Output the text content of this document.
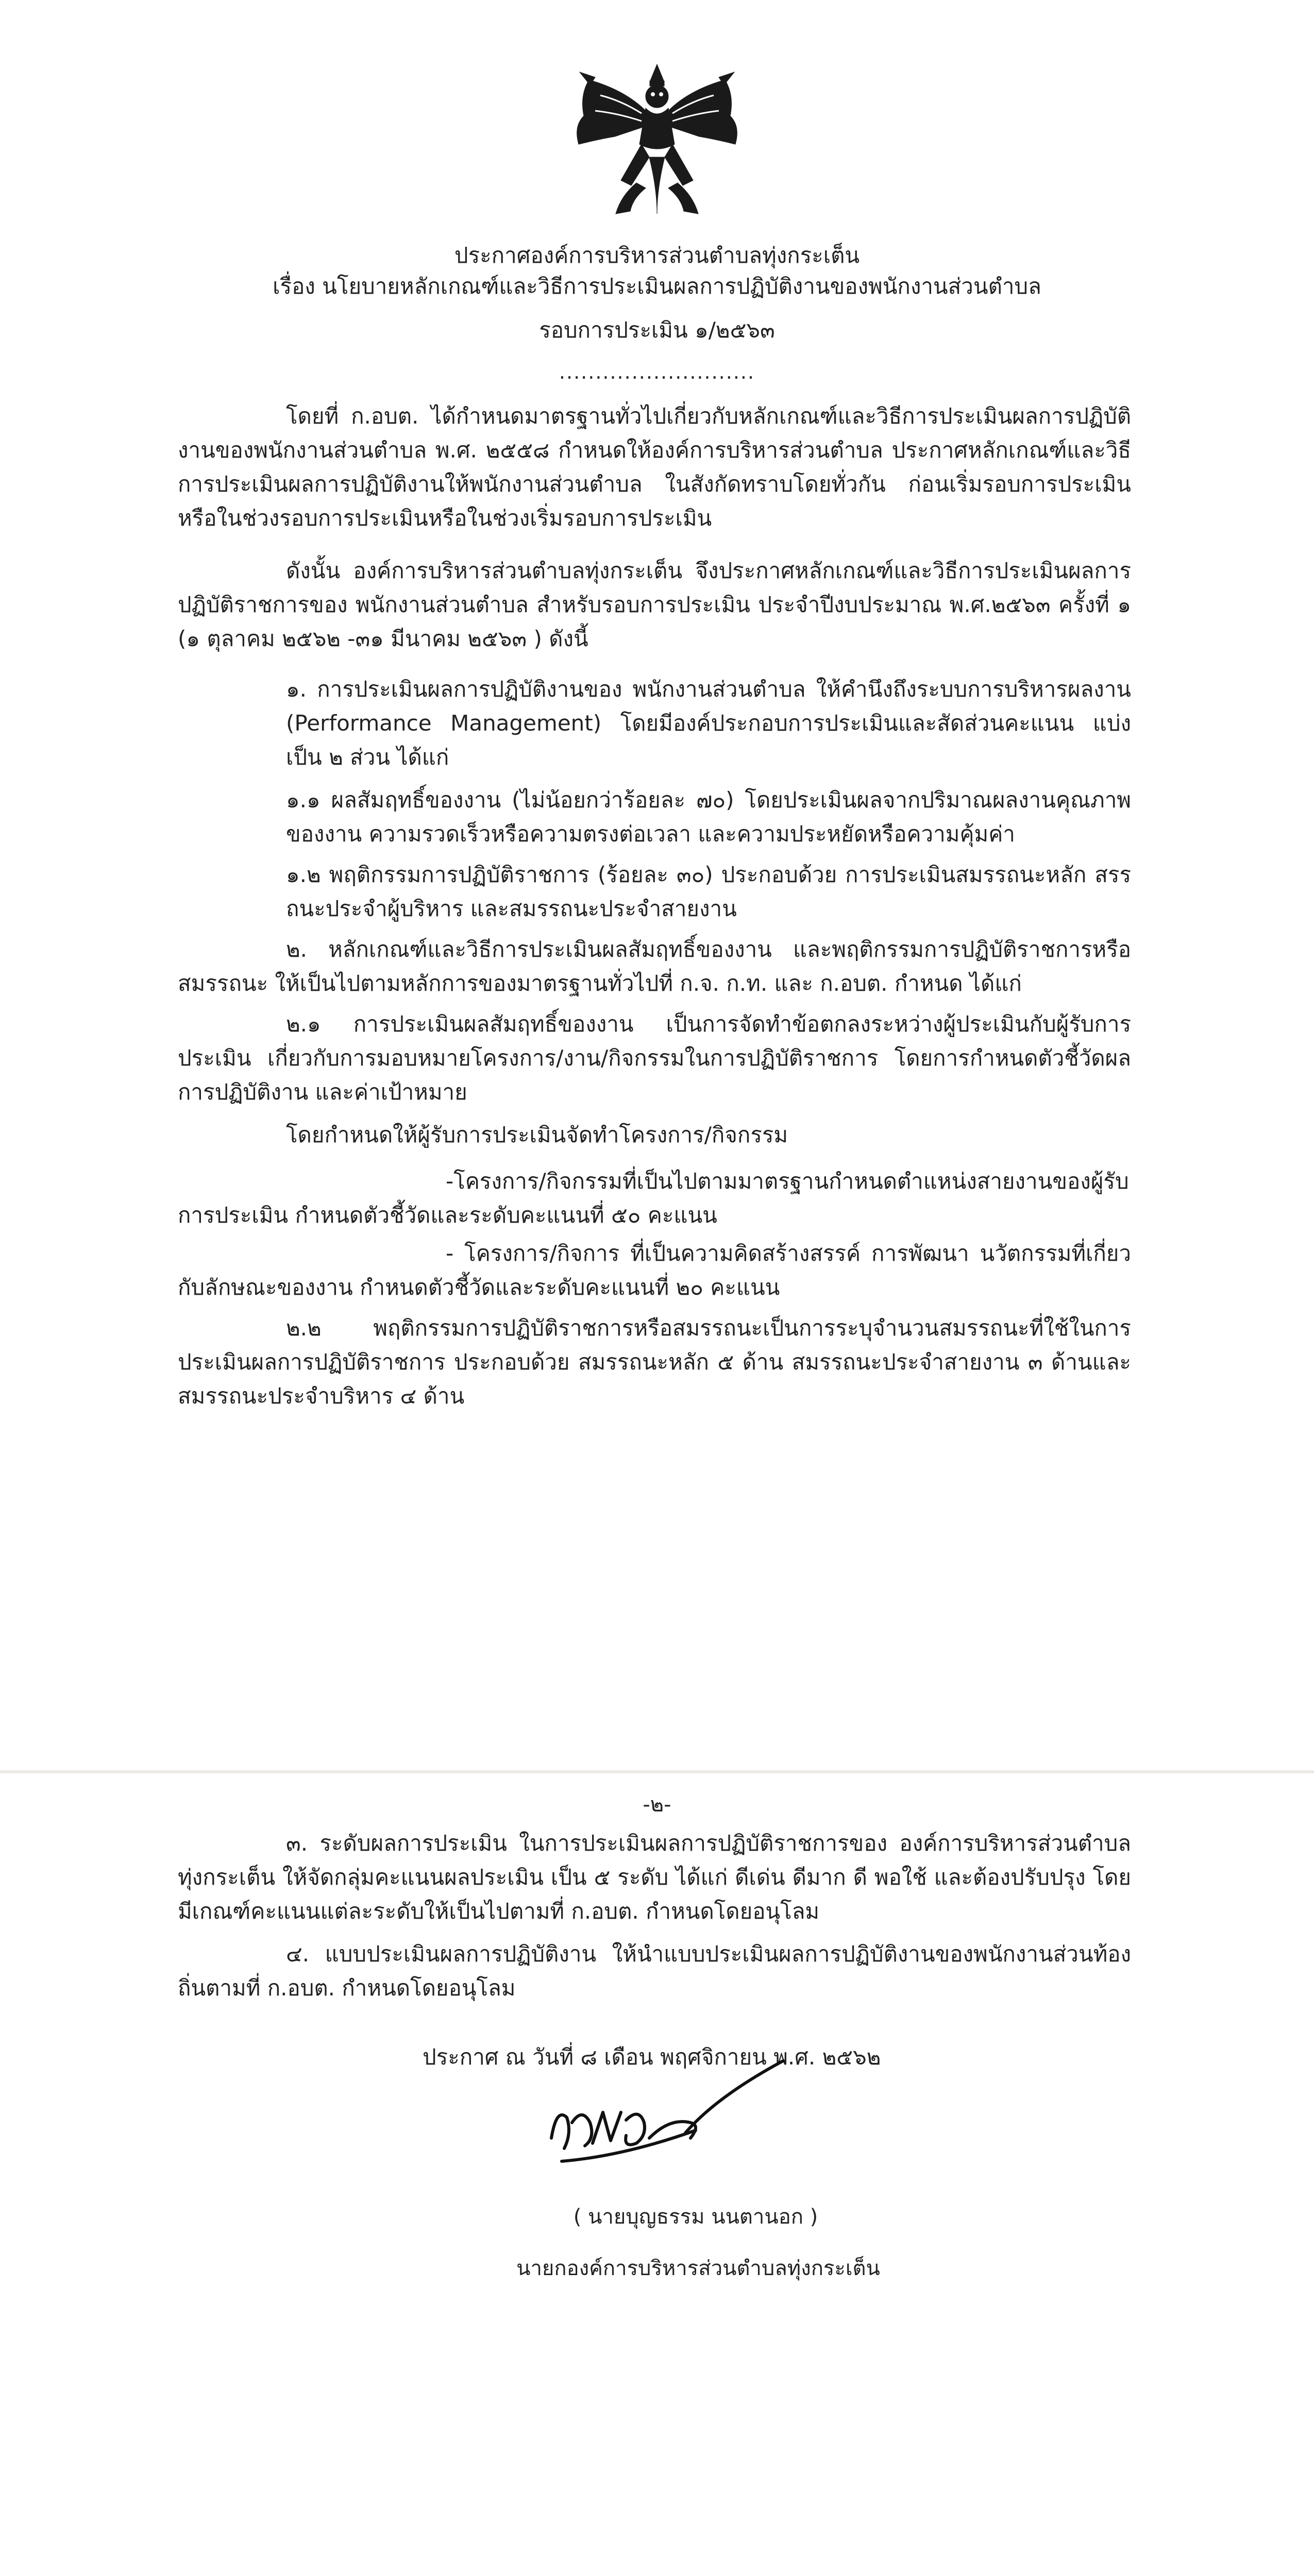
ประกาศองค์การบริหารส่วนตำบลทุ่งกระเต็น
เรื่อง นโยบายหลักเกณฑ์และวิธีการประเมินผลการปฏิบัติงานของพนักงานส่วนตำบล
รอบการประเมิน ๑/๒๕๖๓
...........................

โดยที่ ก.อบต. ได้กำหนดมาตรฐานทั่วไปเกี่ยวกับหลักเกณฑ์และวิธีการประเมินผลการปฏิบัติงานของพนักงานส่วนตำบล พ.ศ. ๒๕๕๘ กำหนดให้องค์การบริหารส่วนตำบล ประกาศหลักเกณฑ์และวิธีการประเมินผลการปฏิบัติงานให้พนักงานส่วนตำบล ในสังกัดทราบโดยทั่วกัน ก่อนเริ่มรอบการประเมินหรือในช่วงรอบการประเมินหรือในช่วงเริ่มรอบการประเมิน

ดังนั้น องค์การบริหารส่วนตำบลทุ่งกระเต็น จึงประกาศหลักเกณฑ์และวิธีการประเมินผลการปฏิบัติราชการของ พนักงานส่วนตำบล สำหรับรอบการประเมิน ประจำปีงบประมาณ พ.ศ.๒๕๖๓ ครั้งที่ ๑ (๑ ตุลาคม ๒๕๖๒ -๓๑ มีนาคม ๒๕๖๓ ) ดังนี้

๑. การประเมินผลการปฏิบัติงานของ พนักงานส่วนตำบล ให้คำนึงถึงระบบการบริหารผลงาน (Performance Management) โดยมีองค์ประกอบการประเมินและสัดส่วนคะแนน แบ่งเป็น ๒ ส่วน ได้แก่

๑.๑ ผลสัมฤทธิ์ของงาน (ไม่น้อยกว่าร้อยละ ๗๐) โดยประเมินผลจากปริมาณผลงานคุณภาพของงาน ความรวดเร็วหรือความตรงต่อเวลา และความประหยัดหรือความคุ้มค่า

๑.๒ พฤติกรรมการปฏิบัติราชการ (ร้อยละ ๓๐) ประกอบด้วย การประเมินสมรรถนะหลัก สรรถนะประจำผู้บริหาร และสมรรถนะประจำสายงาน

๒. หลักเกณฑ์และวิธีการประเมินผลสัมฤทธิ์ของงาน และพฤติกรรมการปฏิบัติราชการหรือสมรรถนะ ให้เป็นไปตามหลักการของมาตรฐานทั่วไปที่ ก.จ. ก.ท. และ ก.อบต. กำหนด ได้แก่

๒.๑ การประเมินผลสัมฤทธิ์ของงาน เป็นการจัดทำข้อตกลงระหว่างผู้ประเมินกับผู้รับการประเมิน เกี่ยวกับการมอบหมายโครงการ/งาน/กิจกรรมในการปฏิบัติราชการ โดยการกำหนดตัวชี้วัดผลการปฏิบัติงาน และค่าเป้าหมาย

โดยกำหนดให้ผู้รับการประเมินจัดทำโครงการ/กิจกรรม

-โครงการ/กิจกรรมที่เป็นไปตามมาตรฐานกำหนดตำแหน่งสายงานของผู้รับการประเมิน กำหนดตัวชี้วัดและระดับคะแนนที่ ๕๐ คะแนน

- โครงการ/กิจการ ที่เป็นความคิดสร้างสรรค์ การพัฒนา นวัตกรรมที่เกี่ยวกับลักษณะของงาน กำหนดตัวชี้วัดและระดับคะแนนที่ ๒๐ คะแนน

๒.๒ พฤติกรรมการปฏิบัติราชการหรือสมรรถนะเป็นการระบุจำนวนสมรรถนะที่ใช้ในการประเมินผลการปฏิบัติราชการ ประกอบด้วย สมรรถนะหลัก ๕ ด้าน สมรรถนะประจำสายงาน ๓ ด้านและสมรรถนะประจำบริหาร ๔ ด้าน

-๒-

๓. ระดับผลการประเมิน ในการประเมินผลการปฏิบัติราชการของ องค์การบริหารส่วนตำบลทุ่งกระเต็น ให้จัดกลุ่มคะแนนผลประเมิน เป็น ๕ ระดับ ได้แก่ ดีเด่น ดีมาก ดี พอใช้ และต้องปรับปรุง โดยมีเกณฑ์คะแนนแต่ละระดับให้เป็นไปตามที่ ก.อบต. กำหนดโดยอนุโลม

๔. แบบประเมินผลการปฏิบัติงาน ให้นำแบบประเมินผลการปฏิบัติงานของพนักงานส่วนท้องถิ่นตามที่ ก.อบต. กำหนดโดยอนุโลม

ประกาศ ณ วันที่ ๘ เดือน พฤศจิกายน พ.ศ. ๒๕๖๒

( นายบุญธรรม นนตานอก )
นายกองค์การบริหารส่วนตำบลทุ่งกระเต็น
